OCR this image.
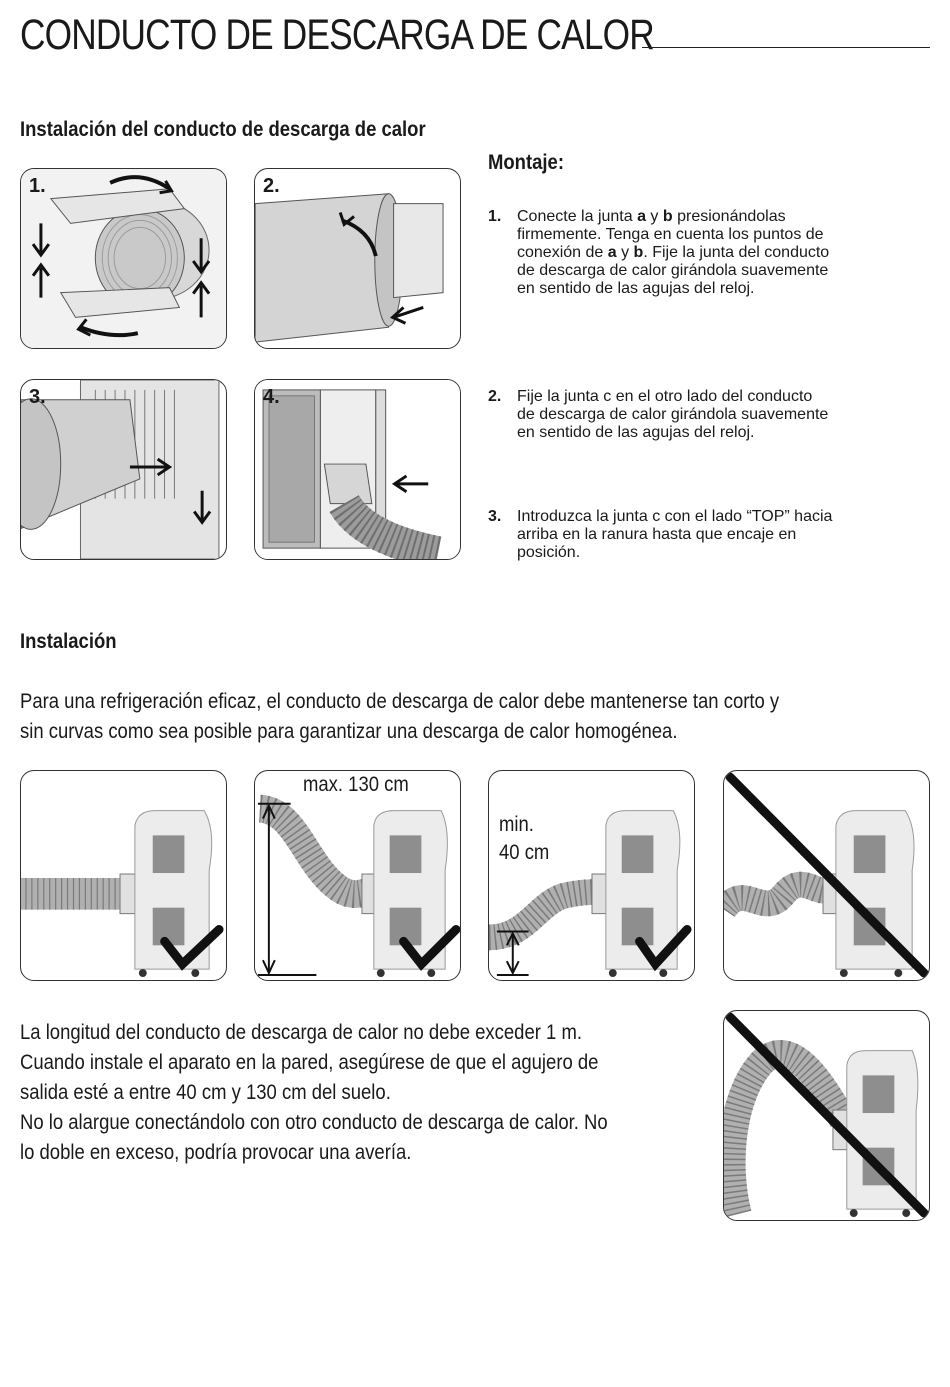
CONDUCTO DE DESCARGA DE CALOR
Instalación del conducto de descarga de calor
1.	2.
3.	4.
Montaje:
1. Conecte la junta a y b presionándolas
firmemente. Tenga en cuenta los puntos de
conexión de a y b. Fije la junta del conducto
de descarga de calor girándola suavemente
en sentido de las agujas del reloj.
2. Fije la junta c en el otro lado del conducto
de descarga de calor girándola suavemente
en sentido de las agujas del reloj.
3. Introduzca la junta c con el lado “TOP” hacia
arriba en la ranura hasta que encaje en
posición.
Instalación
Para una refrigeración eficaz, el conducto de descarga de calor debe mantenerse tan corto y
sin curvas como sea posible para garantizar una descarga de calor homogénea.
max. 130 cm
min.
40 cm
La longitud del conducto de descarga de calor no debe exceder 1 m.
Cuando instale el aparato en la pared, asegúrese de que el agujero de
salida esté a entre 40 cm y 130 cm del suelo.
No lo alargue conectándolo con otro conducto de descarga de calor. No
lo doble en exceso, podría provocar una avería.
